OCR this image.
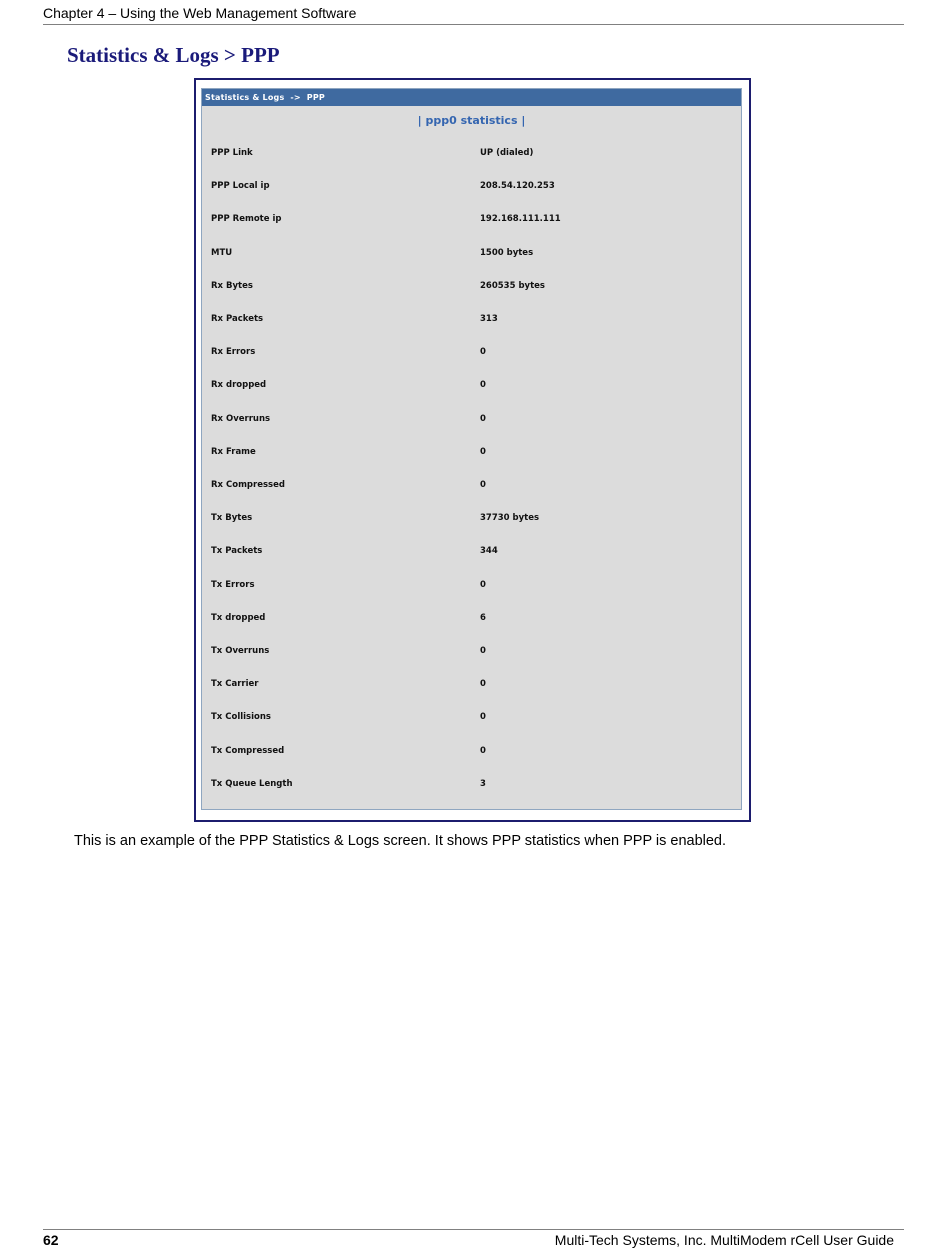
Chapter 4 – Using the Web Management Software
Statistics & Logs > PPP
Statistics & Logs  ->  PPP
| ppp0 statistics |
PPP Link	UP (dialed)
PPP Local ip	208.54.120.253
PPP Remote ip	192.168.111.111
MTU	1500 bytes
Rx Bytes	260535 bytes
Rx Packets	313
Rx Errors	0
Rx dropped	0
Rx Overruns	0
Rx Frame	0
Rx Compressed	0
Tx Bytes	37730 bytes
Tx Packets	344
Tx Errors	0
Tx dropped	6
Tx Overruns	0
Tx Carrier	0
Tx Collisions	0
Tx Compressed	0
Tx Queue Length	3
This is an example of the PPP Statistics & Logs screen. It shows PPP statistics when PPP is enabled.
62	Multi-Tech Systems, Inc. MultiModem rCell User Guide
